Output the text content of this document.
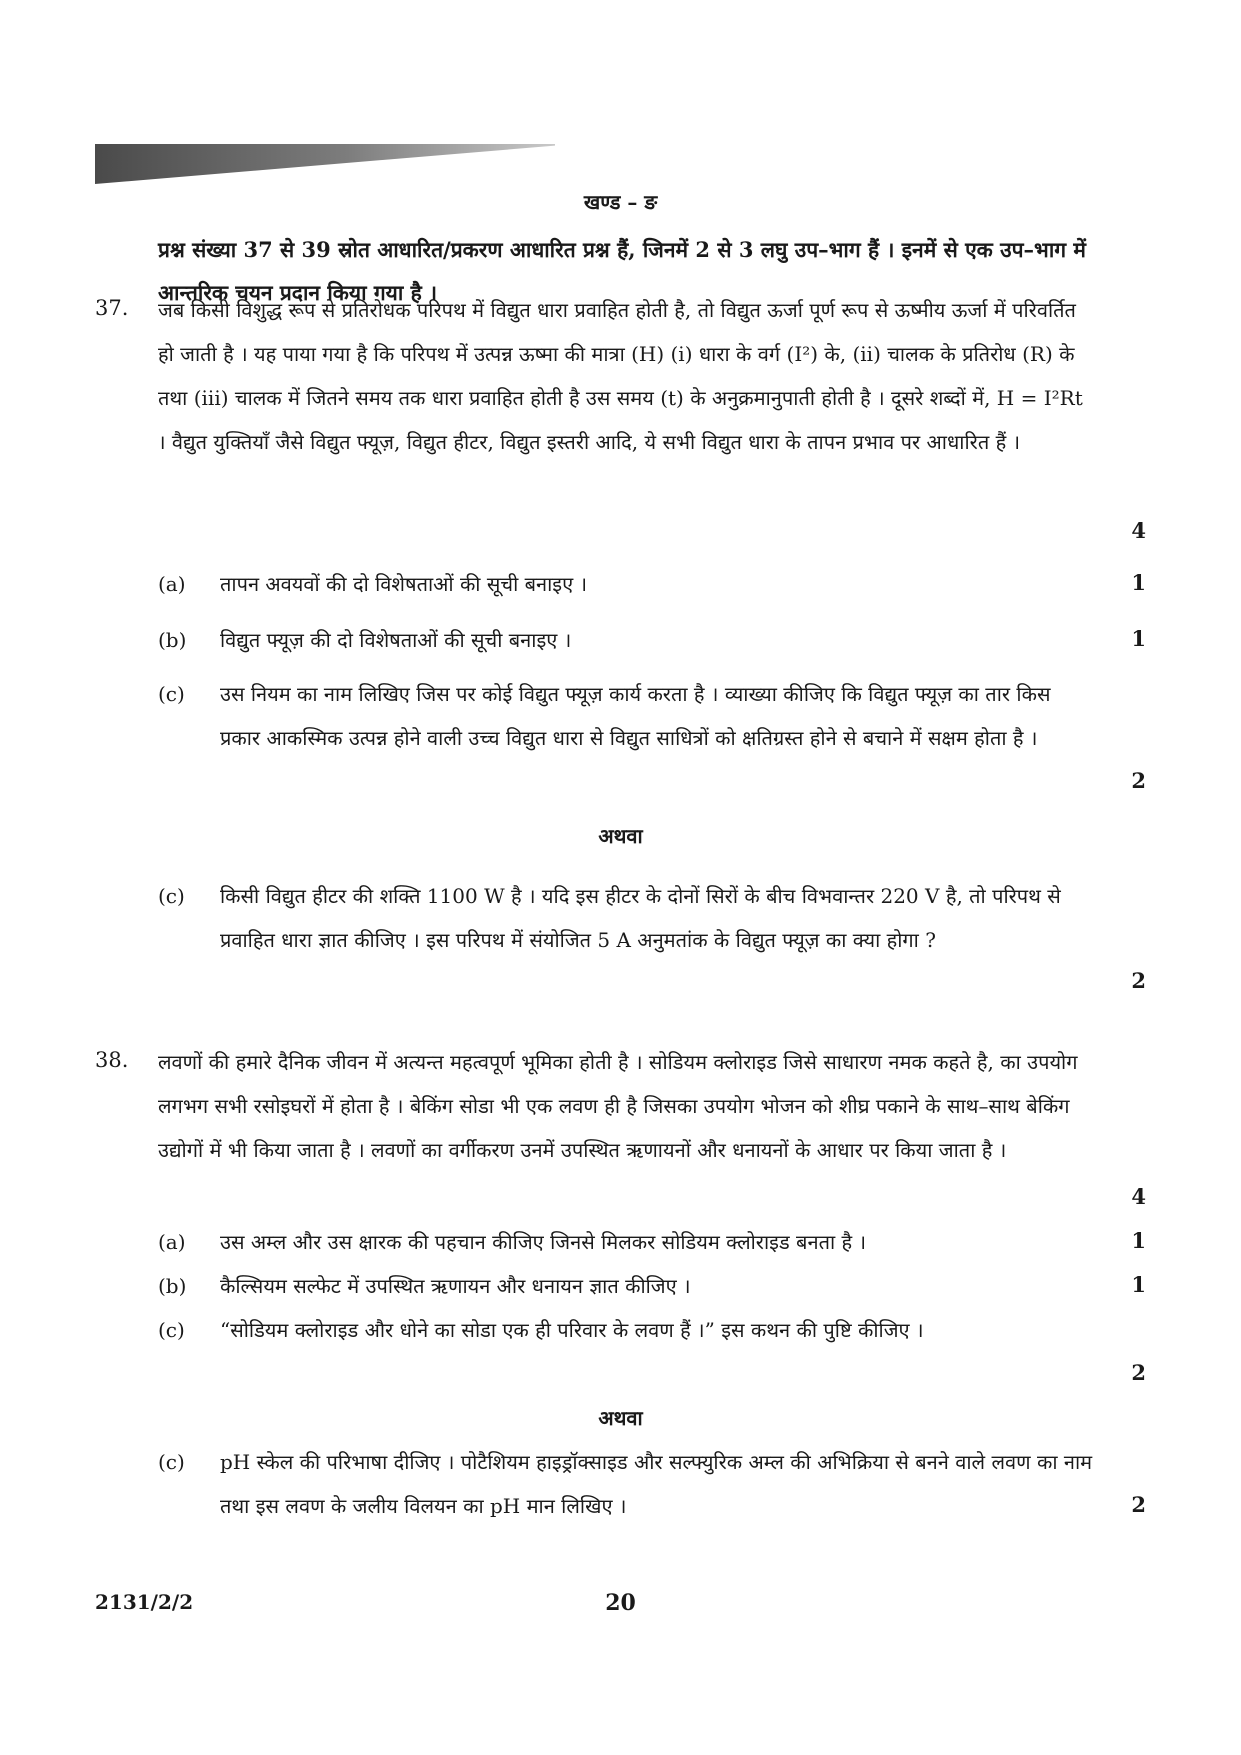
खण्ड – ङ
प्रश्न संख्या 37 से 39 स्रोत आधारित/प्रकरण आधारित प्रश्न हैं, जिनमें 2 से 3 लघु उप–भाग हैं । इनमें से एक उप–भाग में आन्तरिक चयन प्रदान किया गया है ।
37. जब किसी विशुद्ध रूप से प्रतिरोधक परिपथ में विद्युत धारा प्रवाहित होती है, तो विद्युत ऊर्जा पूर्ण रूप से ऊष्मीय ऊर्जा में परिवर्तित हो जाती है । यह पाया गया है कि परिपथ में उत्पन्न ऊष्मा की मात्रा (H) (i) धारा के वर्ग (I²) के, (ii) चालक के प्रतिरोध (R) के तथा (iii) चालक में जितने समय तक धारा प्रवाहित होती है उस समय (t) के अनुक्रमानुपाती होती है । दूसरे शब्दों में, H = I²Rt । वैद्युत युक्तियाँ जैसे विद्युत फ्यूज़, विद्युत हीटर, विद्युत इस्तरी आदि, ये सभी विद्युत धारा के तापन प्रभाव पर आधारित हैं ।
4
(a) तापन अवयवों की दो विशेषताओं की सूची बनाइए ।	1
(b) विद्युत फ्यूज़ की दो विशेषताओं की सूची बनाइए ।	1
(c) उस नियम का नाम लिखिए जिस पर कोई विद्युत फ्यूज़ कार्य करता है । व्याख्या कीजिए कि विद्युत फ्यूज़ का तार किस प्रकार आकस्मिक उत्पन्न होने वाली उच्च विद्युत धारा से विद्युत साधित्रों को क्षतिग्रस्त होने से बचाने में सक्षम होता है ।
2
अथवा
(c) किसी विद्युत हीटर की शक्ति 1100 W है । यदि इस हीटर के दोनों सिरों के बीच विभवान्तर 220 V है, तो परिपथ से प्रवाहित धारा ज्ञात कीजिए । इस परिपथ में संयोजित 5 A अनुमतांक के विद्युत फ्यूज़ का क्या होगा ?
2
38. लवणों की हमारे दैनिक जीवन में अत्यन्त महत्वपूर्ण भूमिका होती है । सोडियम क्लोराइड जिसे साधारण नमक कहते है, का उपयोग लगभग सभी रसोइघरों में होता है । बेकिंग सोडा भी एक लवण ही है जिसका उपयोग भोजन को शीघ्र पकाने के साथ–साथ बेकिंग उद्योगों में भी किया जाता है । लवणों का वर्गीकरण उनमें उपस्थित ऋणायनों और धनायनों के आधार पर किया जाता है ।
4
(a) उस अम्ल और उस क्षारक की पहचान कीजिए जिनसे मिलकर सोडियम क्लोराइड बनता है ।	1
(b) कैल्सियम सल्फेट में उपस्थित ऋणायन और धनायन ज्ञात कीजिए ।	1
(c) “सोडियम क्लोराइड और धोने का सोडा एक ही परिवार के लवण हैं ।” इस कथन की पुष्टि कीजिए ।
2
अथवा
(c) pH स्केल की परिभाषा दीजिए । पोटैशियम हाइड्रॉक्साइड और सल्फ्युरिक अम्ल की अभिक्रिया से बनने वाले लवण का नाम तथा इस लवण के जलीय विलयन का pH मान लिखिए ।	2
2131/2/2	20
